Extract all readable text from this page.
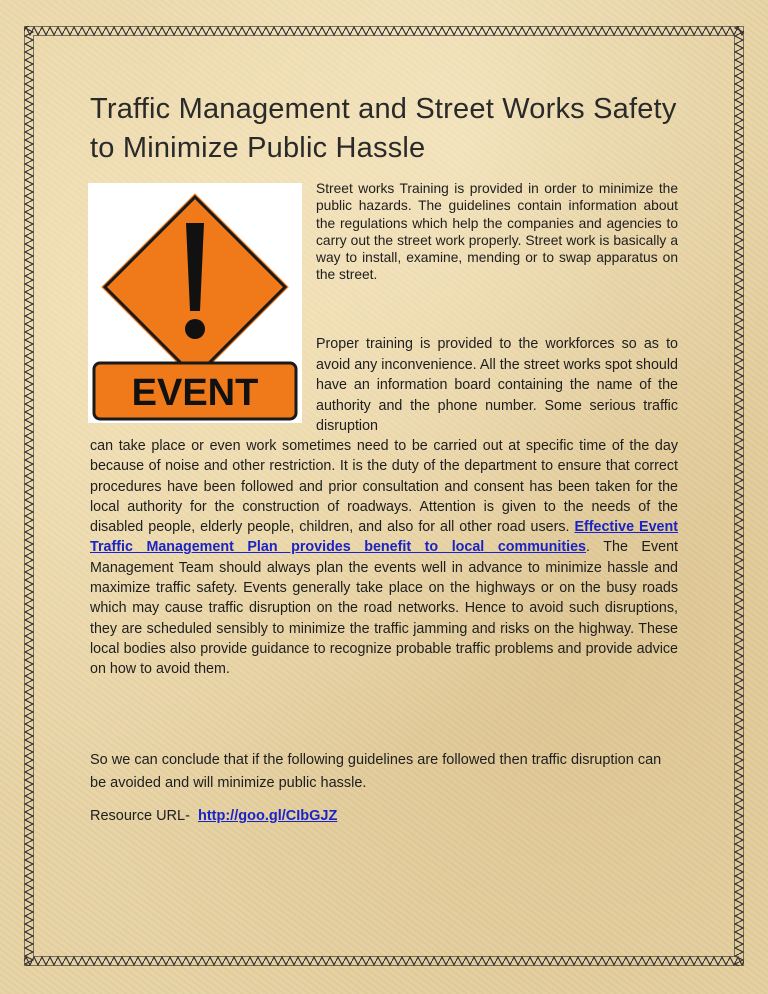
Traffic Management and Street Works Safety to Minimize Public Hassle
EVENT

Street works Training is provided in order to minimize the public hazards. The guidelines contain information about the regulations which help the companies and agencies to carry out the street work properly. Street work is basically a way to install, examine, mending or to swap apparatus on the street.

Proper training is provided to the workforces so as to avoid any inconvenience. All the street works spot should have an information board containing the name of the authority and the phone number. Some serious traffic disruption

can take place or even work sometimes need to be carried out at specific time of the day because of noise and other restriction. It is the duty of the department to ensure that correct procedures have been followed and prior consultation and consent has been taken for the local authority for the construction of roadways. Attention is given to the needs of the disabled people, elderly people, children, and also for all other road users. Effective Event Traffic Management Plan provides benefit to local communities. The Event Management Team should always plan the events well in advance to minimize hassle and maximize traffic safety. Events generally take place on the highways or on the busy roads which may cause traffic disruption on the road networks. Hence to avoid such disruptions, they are scheduled sensibly to minimize the traffic jamming and risks on the highway. These local bodies also provide guidance to recognize probable traffic problems and provide advice on how to avoid them.

So we can conclude that if the following guidelines are followed then traffic disruption can be avoided and will minimize public hassle.

Resource URL- http://goo.gl/CIbGJZ
